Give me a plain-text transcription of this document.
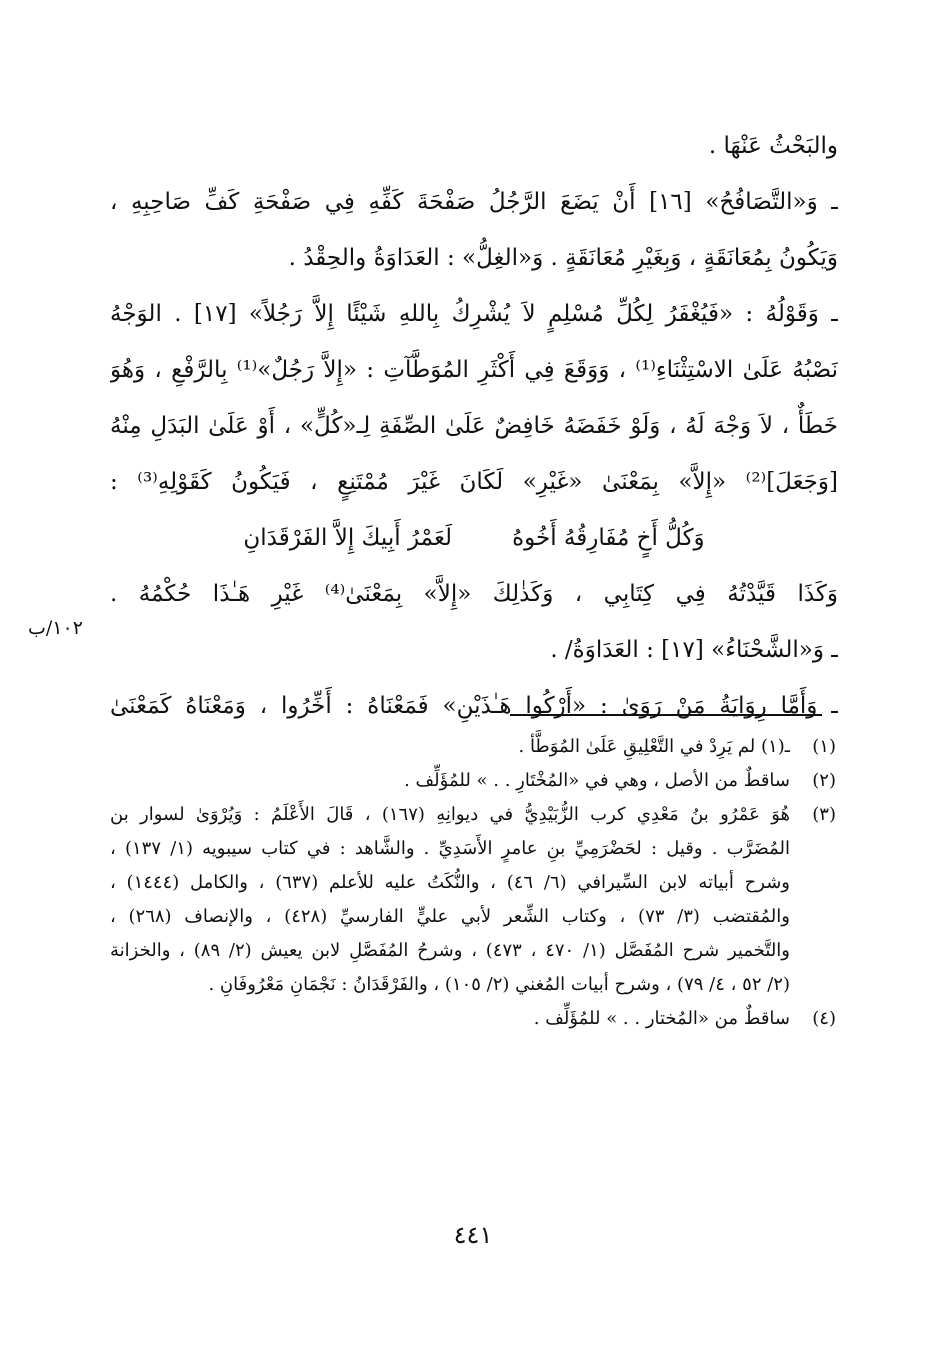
والبَحْثُ عَنْهَا .
ـ وَ«التَّصَافُحُ» [١٦] أَنْ يَضَعَ الرَّجُلُ صَفْحَةَ كَفِّهِ فِي صَفْحَةِ كَفِّ صَاحِبِهِ ،
وَيَكُونُ بِمُعَانَقَةٍ ، وَبِغَيْرِ مُعَانَقَةٍ . وَ«الغِلُّ» : العَدَاوَةُ والحِقْدُ .
ـ وَقَوْلُهُ : «فَيُغْفَرُ لِكُلِّ مُسْلِمٍ لاَ يُشْرِكُ بِاللهِ شَيْئًا إِلاَّ رَجُلاً» [١٧] . الوَجْهُ
نَصْبُهُ عَلَىٰ الاسْتِثْنَاءِ⁽¹⁾ ، وَوَقَعَ فِي أَكْثَرِ المُوَطَّآتِ : «إِلاَّ رَجُلٌ»⁽¹⁾ بِالرَّفْعِ ، وَهُوَ
خَطَأٌ ، لاَ وَجْهَ لَهُ ، وَلَوْ خَفَضَهُ خَافِضٌ عَلَىٰ الصِّفَةِ لِـ«كُلٍّ» ، أَوْ عَلَىٰ البَدَلِ مِنْهُ
[وَجَعَلَ]⁽²⁾ «إِلاَّ» بِمَعْنَىٰ «غَيْرِ» لَكَانَ غَيْرَ مُمْتَنِعٍ ، فَيَكُونُ كَقَوْلِهِ⁽³⁾ :
وَكُلُّ أَخٍ مُفَارِقُهُ أَخُوهُ
لَعَمْرُ أَبِيكَ إِلاَّ الفَرْقَدَانِ
وَكَذَا قَيَّدْتُهُ فِي كِتَابِي ، وَكَذٰلِكَ «إِلاَّ» بِمَعْنَىٰ⁽⁴⁾ غَيْرِ هَـٰذَا حُكْمُهُ .
ـ وَ«الشَّحْنَاءُ» [١٧] : العَدَاوَةُ/ .
ـ وَأَمَّا رِوَايَةُ مَنْ رَوَىٰ : «أَرْكُوا هَـٰذَيْنِ» فَمَعْنَاهُ : أَخِّرُوا ، وَمَعْنَاهُ كَمَعْنَىٰ
١٠٢/ب
(١)
ـ(١) لم يَرِدْ في التَّعْلِيقِ عَلَىٰ المُوَطَّأ .
(٢)
ساقطٌ من الأصل ، وهي في «المُخْتَارِ . . » للمُؤَلِّف .
(٣)
هُوَ عَمْرُو بنُ مَعْدِي كرب الزُّبَيْدِيُّ في ديوانِهِ (١٦٧) ، قَالَ الأَعْلَمُ : وَيُرْوَىٰ لسوار بن
المُضَرَّب . وقيل : لحَضْرَمِيِّ بنِ عامرٍ الأَسَدِيِّ . والشَّاهد : في كتاب سيبويه (١/ ١٣٧) ،
وشرح أبياته لابن السِّيرافي (٦/ ٤٦) ، والنُّكَتُ عليه للأعلم (٦٣٧) ، والكامل (١٤٤٤) ،
والمُقتضب (٣/ ٧٣) ، وكتاب الشِّعر لأبي عليٍّ الفارسيِّ (٤٢٨) ، والإنصاف (٢٦٨) ،
والتَّخمير شرح المُفَصَّل (١/ ٤٧٠ ، ٤٧٣) ، وشرحُ المُفَصَّلِ لابن يعيش (٢/ ٨٩) ، والخزانة
(٢/ ٥٢ ، ٤/ ٧٩) ، وشرح أبيات المُغني (٢/ ١٠٥) ، والفَرْقَدَانُ : نَجْمَانِ مَعْرُوفَانِ .
(٤)
ساقطٌ من «المُختار . . » للمُؤَلِّف .
٤٤١
